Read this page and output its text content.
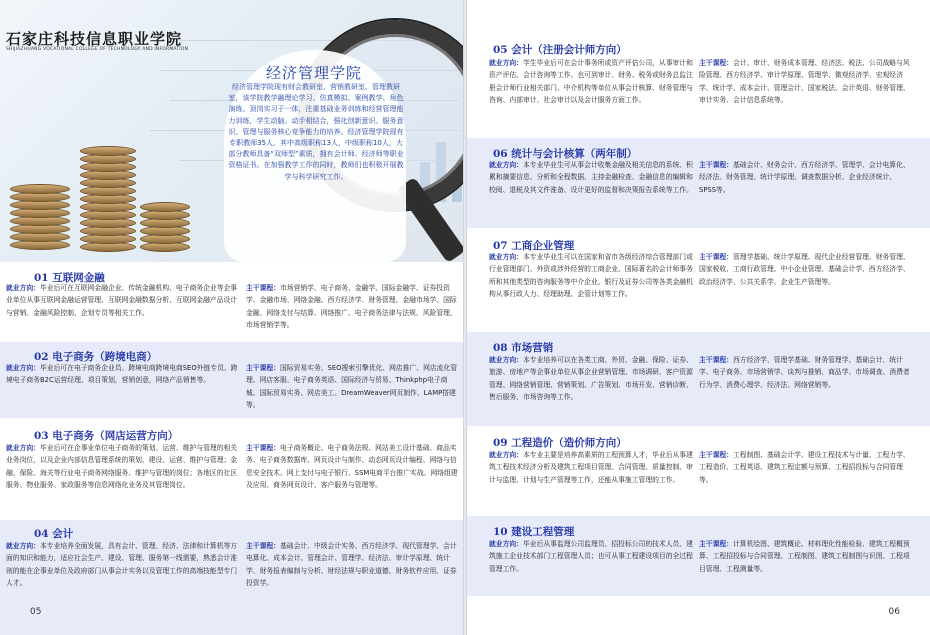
石家庄科技信息职业学院
SHIJIAZHUANG VOCATIONAL COLLEGE OF TECHNOLOGY AND INFORMATION
经济管理学院
经济管理学院现有财会教研室、营销教研室、管理教研室，该学院教学融理论学习、仿真模拟、案例教学、角色演练、顶岗实习于一体，注重基础业务训练和经营管理能力训练，学生动脑、动手相结合，强化创新意识、服务意识、管理与服务核心竞争能力的培养。经济管理学院现有专职教师35人，其中高级职称13人，中级职称10人，大部分教师具备“双师型”素质，拥有会计师、经济师等职业资格证书。在加强教学工作的同时，教师们也积极开展教学与科学研究工作。
01 互联网金融
就业方向：毕业后可在互联网金融企业、传统金融机构、电子商务企业等企事业单位从事互联网金融运营管理、互联网金融数据分析、互联网金融产品设计与营销、金融风险控制、企划专员等相关工作。
主干课程：市场营销学、电子商务、金融学、国际金融学、证券投资学、金融市场、网络金融、西方经济学、财务管理、金融市场学、国际金融、网络支付与结算、网络推广、电子商务法律与法规、风险管理、市场营销学等。
02 电子商务（跨境电商）
就业方向：毕业后可在电子商务企业员、跨境电商跨境电商SEO外链专员、跨境电子商务B2C运营经理、项目策划，营销创意，网络产品销售等。
主干课程：国际贸易实务、SEO搜索引擎优化、网店推广、网店流化管理、网店客服、电子商务英语、国际经济与贸易、Thinkphp电子商城、国际贸易实务、网店美工、DreamWeaver网页制作、LAMP搭建等。
03 电子商务（网店运营方向）
就业方向：毕业后可在企事业单位电子商务的策划、运营、维护与管理的相关业务岗位，以及企业内部信息管理系统的策划、建设、运营、维护与管理；金融、保险、海关等行业电子商务网络服务、维护与管理的岗位；各地区的社区服务、物业服务、家政服务等信息网络化业务及其管理岗位。
主干课程：电子商务概论、电子商务法规、网站美工设计基础、商品实务、电子商务数据库、网页设计与制作、动态网页设计编程、网络与信息安全技术、网上支付与电子银行、SSM电商平台推广实战、网络组建及应用、商务网页设计、客户服务与管理等。
04 会计
就业方向：本专业培养全面发展，具有会计、管理、经济、法律和计算机等方面的知识和能力，适应社会生产、建设、管理、服务第一线需要，熟悉会计准则的能在企事业单位及政府部门从事会计实务以及管理工作的高端技能型专门人才。
主干课程：基础会计、中级会计实务、西方经济学、现代管理学、会计电算化、成本会计、管理会计、管理学、经济法、审计学原理、统计学、财务报表编制与分析、财经法规与职业道德、财务软件应用、证券投资学。
05
05 会计（注册会计师方向）
就业方向：学生毕业后可在会计事务所或资产评估公司，从事审计和资产评估、会计咨询等工作。也可到审计、财务、税务或财务总监注册会计师行业相关部门、中介机构等单位从事会计核算、财务管理与咨询、内部审计、社会审计以及会计服务方面工作。
主干课程：会计、审计、财务成本管理、经济法、税法、公司战略与风险管理、西方经济学、审计学原理、管理学、微观经济学、宏观经济学、统计学、成本会计、管理会计、国家税法、会计英语、财务管理、审计实务、会计信息系统等。
06 统计与会计核算（两年制）
就业方向：本专业毕业生可从事会计收集金融及相关信息的系统、积累和摘要信息、分析和全程数据、主持金融检查、金融信息的编辑和校阅、退税及其文件准备、设计更好的监督和决策报告系统等工作。
主干课程：基础会计、财务会计、西方经济学、管理学、会计电算化、经济法、财务管理、统计学原理、调查数据分析、企业经济统计、SPSS等。
07 工商企业管理
就业方向：本专业毕业生可以在国家和省市各级经济综合管理部门或行业管理部门、外资或涉外经营的工商企业、国际著名的会计师事务所和其他类型的咨询服务等中介企业、银行及证券公司等各类金融机构从事行政人力、经理助理、企管计划等工作。
主干课程：管理学基础、统计学原理、现代企业经营管理、财务管理、国家税收、工商行政管理、中小企业管理、基础会计学、西方经济学、政治经济学、公共关系学、企业生产管理等。
08 市场营销
就业方向：本专业培养可以在各类工商、外贸、金融、保险、证券、旅游、房地产等企事业单位从事企业营销管理、市场调研、客户资源管理、网络营销管理、营销策划、广告策划、市场开发、营销诊断、售后服务、市场咨询等工作。
主干课程：西方经济学、管理学基础、财务管理学、基础会计、统计学、电子商务、市场营销学、谈判与推销、商品学、市场调查、消费者行为学、消费心理学、经济法、网络营销等。
09 工程造价（造价师方向）
就业方向：本专业主要是培养高素质的工程预算人才，毕业后从事建筑工程技术经济分析及建筑工程项目管理、合同管理、质量控制、审计与监理、计划与生产管理等工作，还能从事施工管理的工作。
主干课程：工程制图、基础会计学、建设工程技术与计量、工程力学、工程造价、工程英语、建筑工程定额与预算、工程招投标与合同管理等。
10 建设工程管理
就业方向：毕业后从事监理公司监理员、招投标公司的技术人员、建筑施工企业技术部门工程管理人员；也可从事工程建设项目的全过程管理工作。
主干课程：计算机绘图、建筑概论、材料理化性能检验、建筑工程概预算、工程招投标与合同管理、工程制图、建筑工程制图与识图、工程项目管理、工程测量等。
06
